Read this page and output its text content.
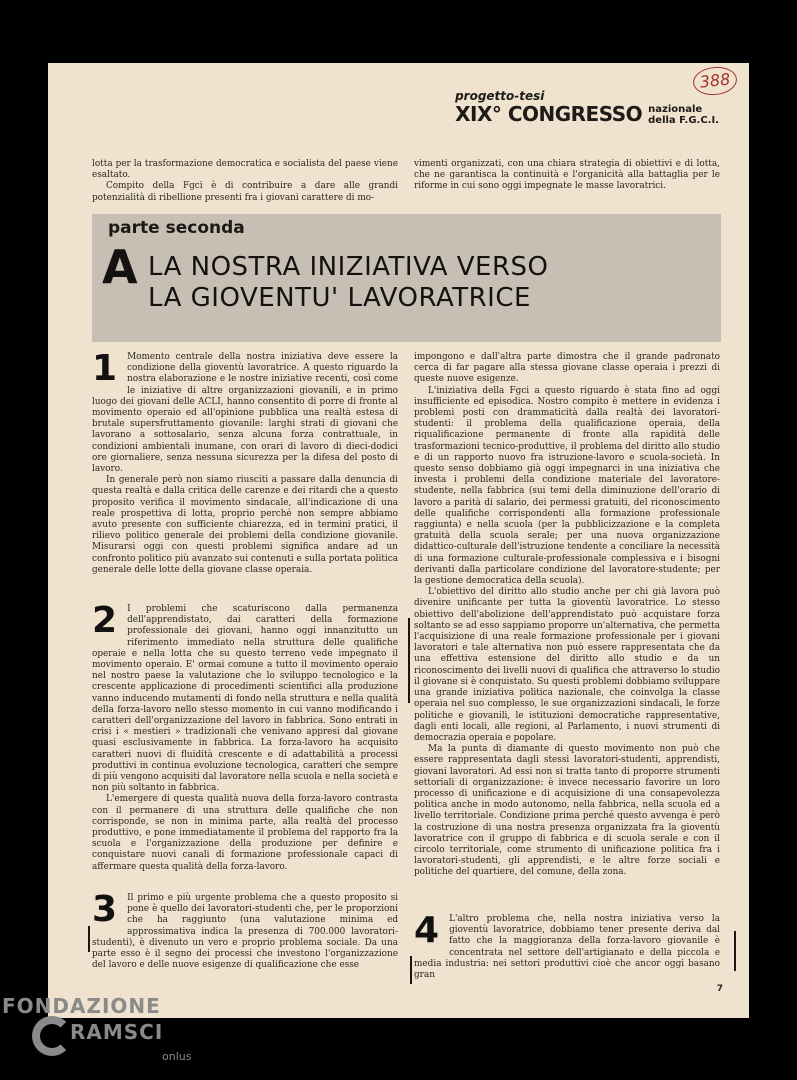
388
progetto-tesi
XIX° CONGRESSO nazionale
della F.G.C.I.

lotta per la trasformazione democratica e socialista del paese viene esaltato.

Compito della Fgci è di contribuire a dare alle grandi potenzialità di ribellione presenti fra i giovani carattere di mo-

vimenti organizzati, con una chiara strategia di obiettivi e di lotta, che ne garantisca la continuità e l'organicità alla battaglia per le riforme in cui sono oggi impegnate le masse lavoratrici.

parte seconda
A LA NOSTRA INIZIATIVA VERSO
LA GIOVENTU' LAVORATRICE
1	Momento centrale della nostra iniziativa deve essere la condizione della gioventù lavoratrice. A questo riguardo la nostra elaborazione e le nostre iniziative recenti, così come le iniziative di altre organizzazioni giovanili, e in primo luogo dei giovani delle ACLI, hanno consentito di porre di fronte al movimento operaio ed all'opinione pubblica una realtà estesa di brutale supersfruttamento giovanile: larghi strati di giovani che lavorano a sottosalario, senza alcuna forza contrattuale, in condizioni ambientali inumane, con orari di lavoro di dieci-dodici ore giornaliere, senza nessuna sicurezza per la difesa del posto di lavoro.

In generale però non siamo riusciti a passare dalla denuncia di questa realtà e dalla critica delle carenze e dei ritardi che a questo proposito verifica il movimento sindacale, all'indicazione di una reale prospettiva di lotta, proprio perché non sempre abbiamo avuto presente con sufficiente chiarezza, ed in termini pratici, il rilievo politico generale dei problemi della condizione giovanile. Misurarsi oggi con questi problemi significa andare ad un confronto politico più avanzato sui contenuti e sulla portata politica generale delle lotte della giovane classe operaia.

2	I problemi che scaturiscono dalla permanenza dell'apprendistato, dai caratteri della formazione professionale dei giovani, hanno oggi innanzitutto un riferimento immediato nella struttura delle qualifiche operaie e nella lotta che su questo terreno vede impegnato il movimento operaio. E' ormai comune a tutto il movimento operaio nel nostro paese la valutazione che lo sviluppo tecnologico e la crescente applicazione di procedimenti scientifici alla produzione vanno inducendo mutamenti di fondo nella struttura e nella qualità della forza-lavoro nello stesso momento in cui vanno modificando i caratteri dell'organizzazione del lavoro in fabbrica. Sono entrati in crisi i « mestieri » tradizionali che venivano appresi dal giovane quasi esclusivamente in fabbrica. La forza-lavoro ha acquisito caratteri nuovi di fluidità crescente e di adattabilità a processi produttivi in continua evoluzione tecnologica, caratteri che sempre di più vengono acquisiti dal lavoratore nella scuola e nella società e non più soltanto in fabbrica.

L'emergere di questa qualità nuova della forza-lavoro contrasta con il permanere di una struttura delle qualifiche che non corrisponde, se non in minima parte, alla realtà del processo produttivo, e pone immediatamente il problema del rapporto fra la scuola e l'organizzazione della produzione per definire e conquistare nuovi canali di formazione professionale capaci di affermare questa qualità della forza-lavoro.

3	Il primo e più urgente problema che a questo proposito si pone è quello dei lavoratori-studenti che, per le proporzioni che ha raggiunto (una valutazione minima ed approssimativa indica la presenza di 700.000 lavoratori-studenti), è divenuto un vero e proprio problema sociale. Da una parte esso è il segno dei processi che investono l'organizzazione del lavoro e delle nuove esigenze di qualificazione che esse

impongono e dall'altra parte dimostra che il grande padronato cerca di far pagare alla stessa giovane classe operaia i prezzi di queste nuove esigenze.

L'iniziativa della Fgci a questo riguardo è stata fino ad oggi insufficiente ed episodica. Nostro compito è mettere in evidenza i problemi posti con drammaticità dalla realtà dei lavoratori-studenti: il problema della qualificazione operaia, della riqualificazione permanente di fronte alla rapidità delle trasformazioni tecnico-produttive, il problema del diritto allo studio e di un rapporto nuovo fra istruzione-lavoro e scuola-società. In questo senso dobbiamo già oggi impegnarci in una iniziativa che investa i problemi della condizione materiale del lavoratore-studente, nella fabbrica (sui temi della diminuzione dell'orario di lavoro a parità di salario, dei permessi gratuiti, del riconoscimento delle qualifiche corrispondenti alla formazione professionale raggiunta) e nella scuola (per la pubblicizzazione e la completa gratuità della scuola serale; per una nuova organizzazione didattico-culturale dell'istruzione tendente a conciliare la necessità di una formazione culturale-professionale complessiva e i bisogni derivanti dalla particolare condizione del lavoratore-studente; per la gestione democratica della scuola).

L'obiettivo del diritto allo studio anche per chi già lavora può divenire unificante per tutta la gioventù lavoratrice. Lo stesso obiettivo dell'abolizione dell'apprendistato può acquistare forza soltanto se ad esso sappiamo proporre un'alternativa, che permetta l'acquisizione di una reale formazione professionale per i giovani lavoratori e tale alternativa non può essere rappresentata che da una effettiva estensione del diritto allo studio e da un riconoscimento dei livelli nuovi di qualifica che attraverso lo studio il giovane si è conquistato. Su questi problemi dobbiamo sviluppare una grande iniziativa politica nazionale, che coinvolga la classe operaia nel suo complesso, le sue organizzazioni sindacali, le forze politiche e giovanili, le istituzioni democratiche rappresentative, dagli enti locali, alle regioni, al Parlamento, i nuovi strumenti di democrazia operaia e popolare.

Ma la punta di diamante di questo movimento non può che essere rappresentata dagli stessi lavoratori-studenti, apprendisti, giovani lavoratori. Ad essi non si tratta tanto di proporre strumenti settoriali di organizzazione: è invece necessario favorire un loro processo di unificazione e di acquisizione di una consapevolezza politica anche in modo autonomo, nella fabbrica, nella scuola ed a livello territoriale. Condizione prima perché questo avvenga è però la costruzione di una nostra presenza organizzata fra la gioventù lavoratrice con il gruppo di fabbrica e di scuola serale e con il circolo territoriale, come strumento di unificazione politica fra i lavoratori-studenti, gli apprendisti, e le altre forze sociali e politiche del quartiere, del comune, della zona.

4	L'altro problema che, nella nostra iniziativa verso la gioventù lavoratrice, dobbiamo tener presente deriva dal fatto che la maggioranza della forza-lavoro giovanile è concentrata nel settore dell'artigianato e della piccola e media industria: nei settori produttivi cioè che ancor oggi basano gran

7
FONDAZIONE
RAMSCI
onlus
